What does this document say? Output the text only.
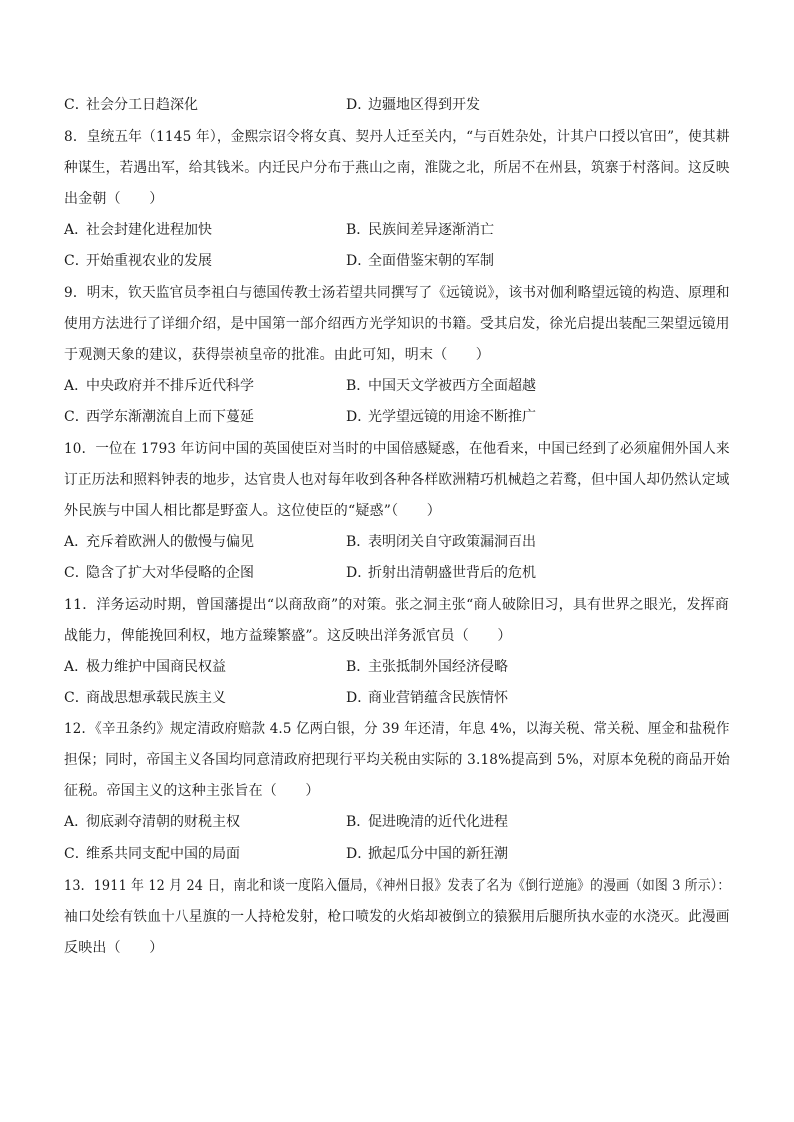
C．社会分工日趋深化	D．边疆地区得到开发
8．皇统五年（1145 年），金熙宗诏令将女真、契丹人迁至关内，“与百姓杂处，计其户口授以官田”，使其耕
种谋生，若遇出军，给其钱米。内迁民户分布于燕山之南，淮陇之北，所居不在州县，筑寨于村落间。这反映
出金朝（　　）
A．社会封建化进程加快	B．民族间差异逐渐消亡
C．开始重视农业的发展	D．全面借鉴宋朝的军制
9．明末，钦天监官员李祖白与德国传教士汤若望共同撰写了《远镜说》，该书对伽利略望远镜的构造、原理和
使用方法进行了详细介绍，是中国第一部介绍西方光学知识的书籍。受其启发，徐光启提出装配三架望远镜用
于观测天象的建议，获得崇祯皇帝的批准。由此可知，明末（　　）
A．中央政府并不排斥近代科学	B．中国天文学被西方全面超越
C．西学东渐潮流自上而下蔓延	D．光学望远镜的用途不断推广
10．一位在 1793 年访问中国的英国使臣对当时的中国倍感疑惑，在他看来，中国已经到了必须雇佣外国人来
订正历法和照料钟表的地步，达官贵人也对每年收到各种各样欧洲精巧机械趋之若鹜，但中国人却仍然认定域
外民族与中国人相比都是野蛮人。这位使臣的“疑惑”（　　）
A．充斥着欧洲人的傲慢与偏见	B．表明闭关自守政策漏洞百出
C．隐含了扩大对华侵略的企图	D．折射出清朝盛世背后的危机
11．洋务运动时期，曾国藩提出“以商敌商”的对策。张之洞主张“商人破除旧习，具有世界之眼光，发挥商
战能力，俾能挽回利权，地方益臻繁盛”。这反映出洋务派官员（　　）
A．极力维护中国商民权益	B．主张抵制外国经济侵略
C．商战思想承载民族主义	D．商业营销蕴含民族情怀
12．《辛丑条约》规定清政府赔款 4.5 亿两白银，分 39 年还清，年息 4%，以海关税、常关税、厘金和盐税作
担保；同时，帝国主义各国均同意清政府把现行平均关税由实际的 3.18%提高到 5%，对原本免税的商品开始
征税。帝国主义的这种主张旨在（　　）
A．彻底剥夺清朝的财税主权	B．促进晚清的近代化进程
C．维系共同支配中国的局面	D．掀起瓜分中国的新狂潮
13．1911 年 12 月 24 日，南北和谈一度陷入僵局，《神州日报》发表了名为《倒行逆施》的漫画（如图 3 所示）：
袖口处绘有铁血十八星旗的一人持枪发射，枪口喷发的火焰却被倒立的猿猴用后腿所执水壶的水浇灭。此漫画
反映出（　　）
